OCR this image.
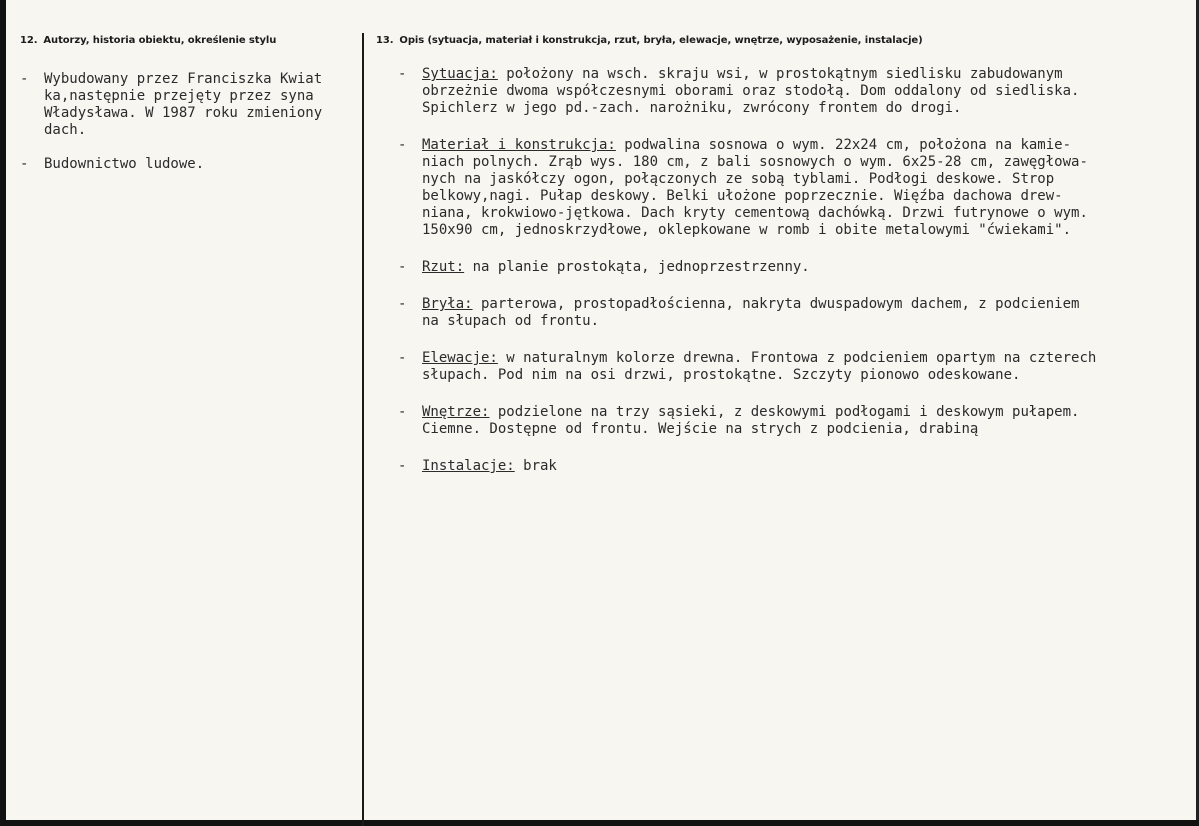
12. Autorzy, historia obiektu, określenie stylu	13. Opis (sytuacja, materiał i konstrukcja, rzut, bryła, elewacje, wnętrze, wyposażenie, instalacje)
- Wybudowany przez Franciszka Kwiat
ka,następnie przejęty przez syna
Władysława. W 1987 roku zmieniony
dach.
- Budownictwo ludowe.
- Sytuacja: położony na wsch. skraju wsi, w prostokątnym siedlisku zabudowanym
obrzeżnie dwoma współczesnymi oborami oraz stodołą. Dom oddalony od siedliska.
Spichlerz w jego pd.-zach. narożniku, zwrócony frontem do drogi.
- Materiał i konstrukcja: podwalina sosnowa o wym. 22x24 cm, położona na kamie-
niach polnych. Zrąb wys. 180 cm, z bali sosnowych o wym. 6x25-28 cm, zawęgłowa-
nych na jaskółczy ogon, połączonych ze sobą tyblami. Podłogi deskowe. Strop
belkowy,nagi. Pułap deskowy. Belki ułożone poprzecznie. Więźba dachowa drew-
niana, krokwiowo-jętkowa. Dach kryty cementową dachówką. Drzwi futrynowe o wym.
150x90 cm, jednoskrzydłowe, oklepkowane w romb i obite metalowymi "ćwiekami".
- Rzut: na planie prostokąta, jednoprzestrzenny.
- Bryła: parterowa, prostopadłościenna, nakryta dwuspadowym dachem, z podcieniem
na słupach od frontu.
- Elewacje: w naturalnym kolorze drewna. Frontowa z podcieniem opartym na czterech
słupach. Pod nim na osi drzwi, prostokątne. Szczyty pionowo odeskowane.
- Wnętrze: podzielone na trzy sąsieki, z deskowymi podłogami i deskowym pułapem.
Ciemne. Dostępne od frontu. Wejście na strych z podcienia, drabiną
- Instalacje: brak
